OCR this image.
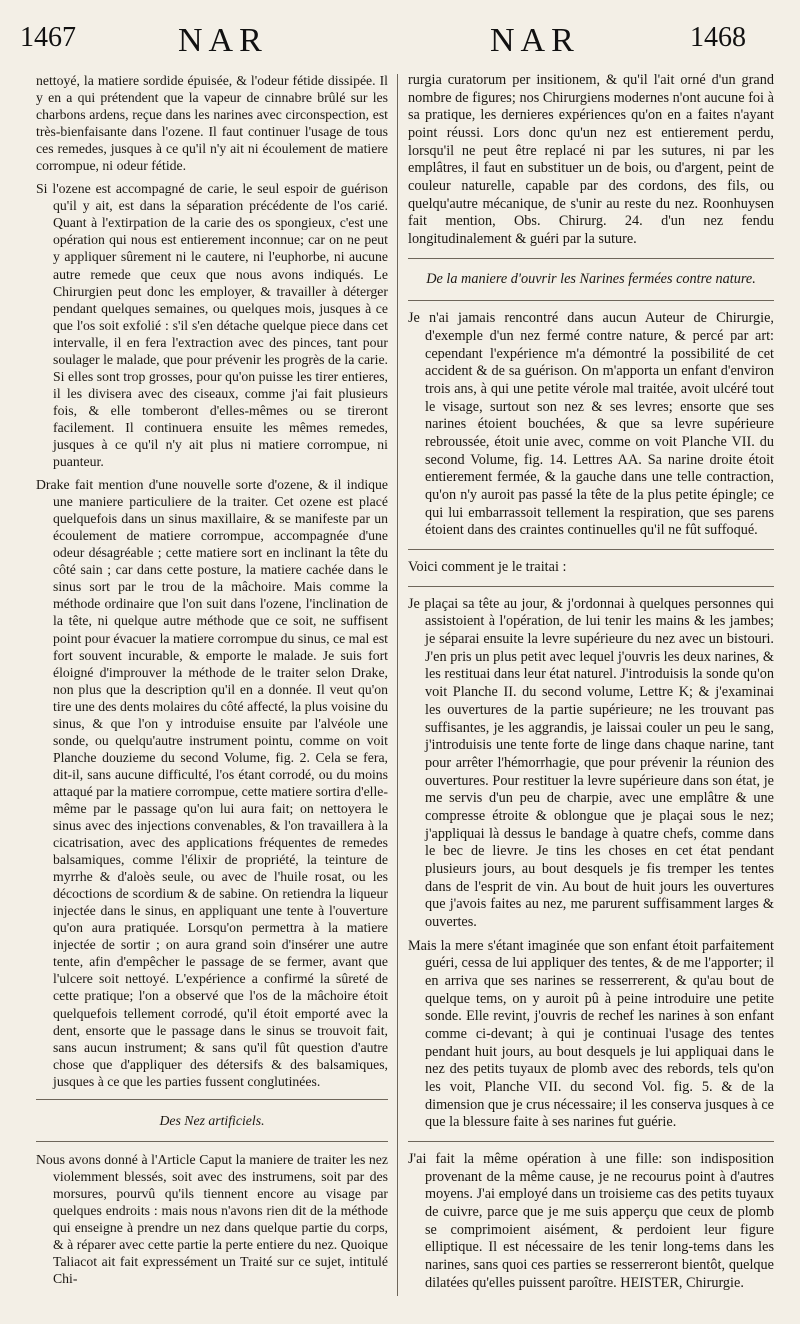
1467	NAR	NAR	1468

nettoyé, la matiere sordide épuisée, & l'odeur fétide dissipée. Il y en a qui prétendent que la vapeur de cinnabre brûlé sur les charbons ardens, reçue dans les narines avec circonspection, est très-bienfaisante dans l'ozene. Il faut continuer l'usage de tous ces remedes, jusques à ce qu'il n'y ait ni écoulement de matiere corrompue, ni odeur fétide.

Si l'ozene est accompagné de carie, le seul espoir de guérison qu'il y ait, est dans la séparation précédente de l'os carié. Quant à l'extirpation de la carie des os spongieux, c'est une opération qui nous est entierement inconnue; car on ne peut y appliquer sûrement ni le cautere, ni l'euphorbe, ni aucune autre remede que ceux que nous avons indiqués. Le Chirurgien peut donc les employer, & travailler à déterger pendant quelques semaines, ou quelques mois, jusques à ce que l'os soit exfolié : s'il s'en détache quelque piece dans cet intervalle, il en fera l'extraction avec des pinces, tant pour soulager le malade, que pour prévenir les progrès de la carie. Si elles sont trop grosses, pour qu'on puisse les tirer entieres, il les divisera avec des ciseaux, comme j'ai fait plusieurs fois, & elle tomberont d'elles-mêmes ou se tireront facilement. Il continuera ensuite les mêmes remedes, jusques à ce qu'il n'y ait plus ni matiere corrompue, ni puanteur.

Drake fait mention d'une nouvelle sorte d'ozene, & il indique une maniere particuliere de la traiter. Cet ozene est placé quelquefois dans un sinus maxillaire, & se manifeste par un écoulement de matiere corrompue, accompagnée d'une odeur désagréable ; cette matiere sort en inclinant la tête du côté sain ; car dans cette posture, la matiere cachée dans le sinus sort par le trou de la mâchoire. Mais comme la méthode ordinaire que l'on suit dans l'ozene, l'inclination de la tête, ni quelque autre méthode que ce soit, ne suffisent point pour évacuer la matiere corrompue du sinus, ce mal est fort souvent incurable, & emporte le malade. Je suis fort éloigné d'improuver la méthode de le traiter selon Drake, non plus que la description qu'il en a donnée. Il veut qu'on tire une des dents molaires du côté affecté, la plus voisine du sinus, & que l'on y introduise ensuite par l'alvéole une sonde, ou quelqu'autre instrument pointu, comme on voit Planche douzieme du second Volume, fig. 2. Cela se fera, dit-il, sans aucune difficulté, l'os étant corrodé, ou du moins attaqué par la matiere corrompue, cette matiere sortira d'elle-même par le passage qu'on lui aura fait; on nettoyera le sinus avec des injections convenables, & l'on travaillera à la cicatrisation, avec des applications fréquentes de remedes balsamiques, comme l'élixir de propriété, la teinture de myrrhe & d'aloès seule, ou avec de l'huile rosat, ou les décoctions de scordium & de sabine. On retiendra la liqueur injectée dans le sinus, en appliquant une tente à l'ouverture qu'on aura pratiquée. Lorsqu'on permettra à la matiere injectée de sortir ; on aura grand soin d'insérer une autre tente, afin d'empêcher le passage de se fermer, avant que l'ulcere soit nettoyé. L'expérience a confirmé la sûreté de cette pratique; l'on a observé que l'os de la mâchoire étoit quelquefois tellement corrodé, qu'il étoit emporté avec la dent, ensorte que le passage dans le sinus se trouvoit fait, sans aucun instrument; & sans qu'il fût question d'autre chose que d'appliquer des détersifs & des balsamiques, jusques à ce que les parties fussent conglutinées.

Des Nez artificiels.

Nous avons donné à l'Article Caput la maniere de traiter les nez violemment blessés, soit avec des instrumens, soit par des morsures, pourvû qu'ils tiennent encore au visage par quelques endroits : mais nous n'avons rien dit de la méthode qui enseigne à prendre un nez dans quelque partie du corps, & à réparer avec cette partie la perte entiere du nez. Quoique Taliacot ait fait expressément un Traité sur ce sujet, intitulé Chi-

rurgia curatorum per insitionem, & qu'il l'ait orné d'un grand nombre de figures; nos Chirurgiens modernes n'ont aucune foi à sa pratique, les dernieres expériences qu'on en a faites n'ayant point réussi. Lors donc qu'un nez est entierement perdu, lorsqu'il ne peut être replacé ni par les sutures, ni par les emplâtres, il faut en substituer un de bois, ou d'argent, peint de couleur naturelle, capable par des cordons, des fils, ou quelqu'autre mécanique, de s'unir au reste du nez. Roonhuysen fait mention, Obs. Chirurg. 24. d'un nez fendu longitudinalement & guéri par la suture.

De la maniere d'ouvrir les Narines fermées contre nature.

Je n'ai jamais rencontré dans aucun Auteur de Chirurgie, d'exemple d'un nez fermé contre nature, & percé par art: cependant l'expérience m'a démontré la possibilité de cet accident & de sa guérison. On m'apporta un enfant d'environ trois ans, à qui une petite vérole mal traitée, avoit ulcéré tout le visage, surtout son nez & ses levres; ensorte que ses narines étoient bouchées, & que sa levre supérieure rebroussée, étoit unie avec, comme on voit Planche VII. du second Volume, fig. 14. Lettres AA. Sa narine droite étoit entierement fermée, & la gauche dans une telle contraction, qu'on n'y auroit pas passé la tête de la plus petite épingle; ce qui lui embarrassoit tellement la respiration, que ses parens étoient dans des craintes continuelles qu'il ne fût suffoqué.

Voici comment je le traitai :

Je plaçai sa tête au jour, & j'ordonnai à quelques personnes qui assistoient à l'opération, de lui tenir les mains & les jambes; je séparai ensuite la levre supérieure du nez avec un bistouri. J'en pris un plus petit avec lequel j'ouvris les deux narines, & les restituai dans leur état naturel. J'introduisis la sonde qu'on voit Planche II. du second volume, Lettre K; & j'examinai les ouvertures de la partie supérieure; ne les trouvant pas suffisantes, je les aggrandis, je laissai couler un peu le sang, j'introduisis une tente forte de linge dans chaque narine, tant pour arrêter l'hémorrhagie, que pour prévenir la réunion des ouvertures. Pour restituer la levre supérieure dans son état, je me servis d'un peu de charpie, avec une emplâtre & une compresse étroite & oblongue que je plaçai sous le nez; j'appliquai là dessus le bandage à quatre chefs, comme dans le bec de lievre. Je tins les choses en cet état pendant plusieurs jours, au bout desquels je fis tremper les tentes dans de l'esprit de vin. Au bout de huit jours les ouvertures que j'avois faites au nez, me parurent suffisamment larges & ouvertes.

Mais la mere s'étant imaginée que son enfant étoit parfaitement guéri, cessa de lui appliquer des tentes, & de me l'apporter; il en arriva que ses narines se resserrerent, & qu'au bout de quelque tems, on y auroit pû à peine introduire une petite sonde. Elle revint, j'ouvris de rechef les narines à son enfant comme ci-devant; à qui je continuai l'usage des tentes pendant huit jours, au bout desquels je lui appliquai dans le nez des petits tuyaux de plomb avec des rebords, tels qu'on les voit, Planche VII. du second Vol. fig. 5. & de la dimension que je crus nécessaire; il les conserva jusques à ce que la blessure faite à ses narines fut guérie.

J'ai fait la même opération à une fille: son indisposition provenant de la même cause, je ne recourus point à d'autres moyens. J'ai employé dans un troisieme cas des petits tuyaux de cuivre, parce que je me suis apperçu que ceux de plomb se comprimoient aisément, & perdoient leur figure elliptique. Il est nécessaire de les tenir long-tems dans les narines, sans quoi ces parties se resserreront bientôt, quelque dilatées qu'elles puissent paroître. HEISTER, Chirurgie.
